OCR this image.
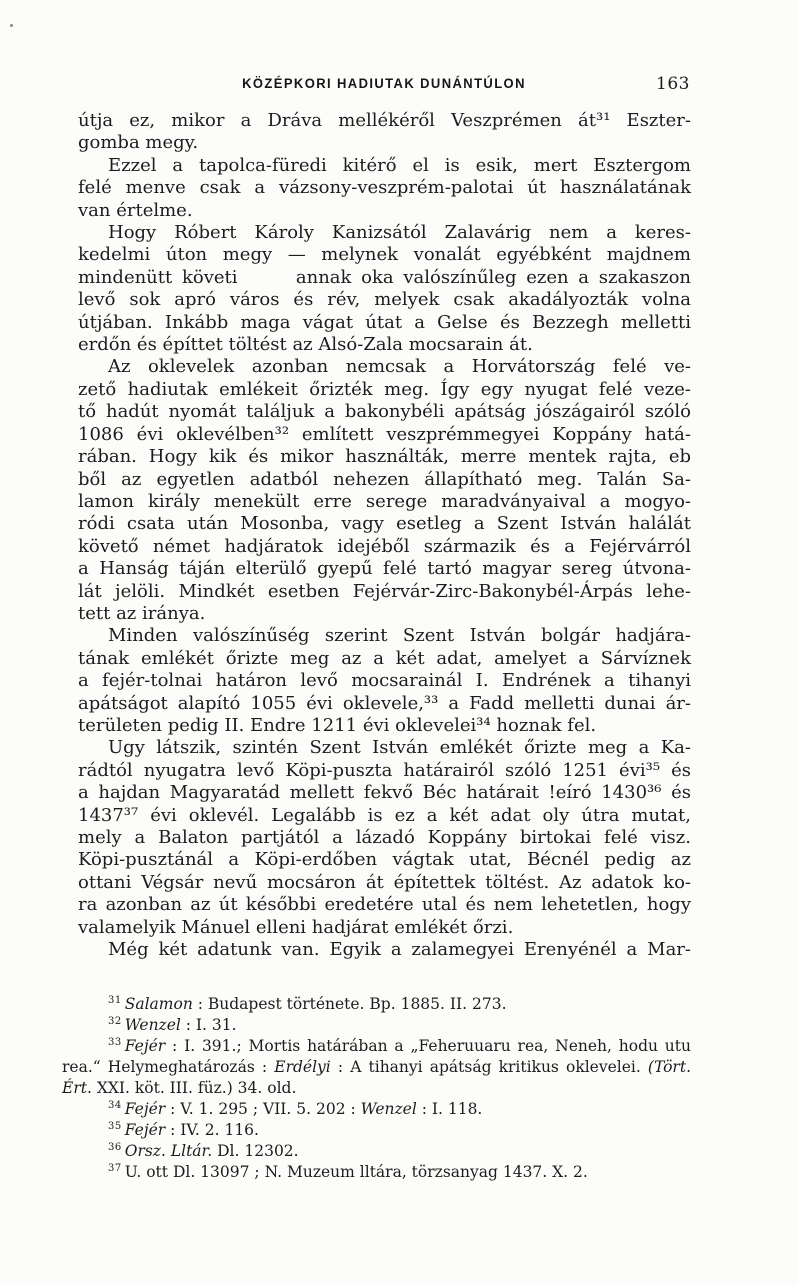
KÖZÉPKORI HADIUTAK DUNÁNTÚLON	163
útja ez, mikor a Dráva mellékéről Veszprémen át³¹ Eszter-
gomba megy.
Ezzel a tapolca-füredi kitérő el is esik, mert Esztergom
felé menve csak a vázsony-veszprém-palotai út használatának
van értelme.
Hogy Róbert Károly Kanizsától Zalavárig nem a keres-
kedelmi úton megy — melynek vonalát egyébként majdnem
mindenütt követi      annak oka valószínűleg ezen a szakaszon
levő sok apró város és rév, melyek csak akadályozták volna
útjában. Inkább maga vágat útat a Gelse és Bezzegh melletti
erdőn és építtet töltést az Alsó-Zala mocsarain át.
Az oklevelek azonban nemcsak a Horvátország felé ve-
zető hadiutak emlékeit őrizték meg. Így egy nyugat felé veze-
tő hadút nyomát találjuk a bakonybéli apátság jószágairól szóló
1086 évi oklevélben³² említett veszprémmegyei Koppány hatá-
rában. Hogy kik és mikor használták, merre mentek rajta, eb
ből az egyetlen adatból nehezen állapítható meg. Talán Sa-
lamon király menekült erre serege maradványaival a mogyo-
ródi csata után Mosonba, vagy esetleg a Szent István halálát
követő német hadjáratok idejéből származik és a Fejérvárról
a Hanság táján elterülő gyepű felé tartó magyar sereg útvona-
lát jelöli. Mindkét esetben Fejérvár-Zirc-Bakonybél-Árpás lehe-
tett az iránya.
Minden valószínűség szerint Szent István bolgár hadjára-
tának emlékét őrizte meg az a két adat, amelyet a Sárvíznek
a fejér-tolnai határon levő mocsarainál I. Endrének a tihanyi
apátságot alapító 1055 évi oklevele,³³ a Fadd melletti dunai ár-
területen pedig II. Endre 1211 évi oklevelei³⁴ hoznak fel.
Ugy látszik, szintén Szent István emlékét őrizte meg a Ka-
rádtól nyugatra levő Köpi-puszta határairól szóló 1251 évi³⁵ és
a hajdan Magyaratád mellett fekvő Béc határait !eíró 1430³⁶ és
1437³⁷ évi oklevél. Legalább is ez a két adat oly útra mutat,
mely a Balaton partjától a lázadó Koppány birtokai felé visz.
Köpi-pusztánál a Köpi-erdőben vágtak utat, Bécnél pedig az
ottani Végsár nevű mocsáron át építettek töltést. Az adatok ko-
ra azonban az út későbbi eredetére utal és nem lehetetlen, hogy
valamelyik Mánuel elleni hadjárat emlékét őrzi.
Még két adatunk van. Egyik a zalamegyei Erenyénél a Mar-
$^{31}$ Salamon : Budapest története. Bp. 1885. II. 273.
$^{32}$ Wenzel : I. 31.
$^{33}$ Fejér : I. 391.; Mortis határában a „Feheruuaru rea, Neneh, hodu utu
rea.“ Helymeghatározás : Erdélyi : A tihanyi apátság kritikus oklevelei. (Tört.
Ért. XXI. köt. III. füz.) 34. old.
$^{34}$ Fejér : V. 1. 295 ; VII. 5. 202 : Wenzel : I. 118.
$^{35}$ Fejér : IV. 2. 116.
$^{36}$ Orsz. Lltár. Dl. 12302.
$^{37}$ U. ott Dl. 13097 ; N. Muzeum lltára, törzsanyag 1437. X. 2.
